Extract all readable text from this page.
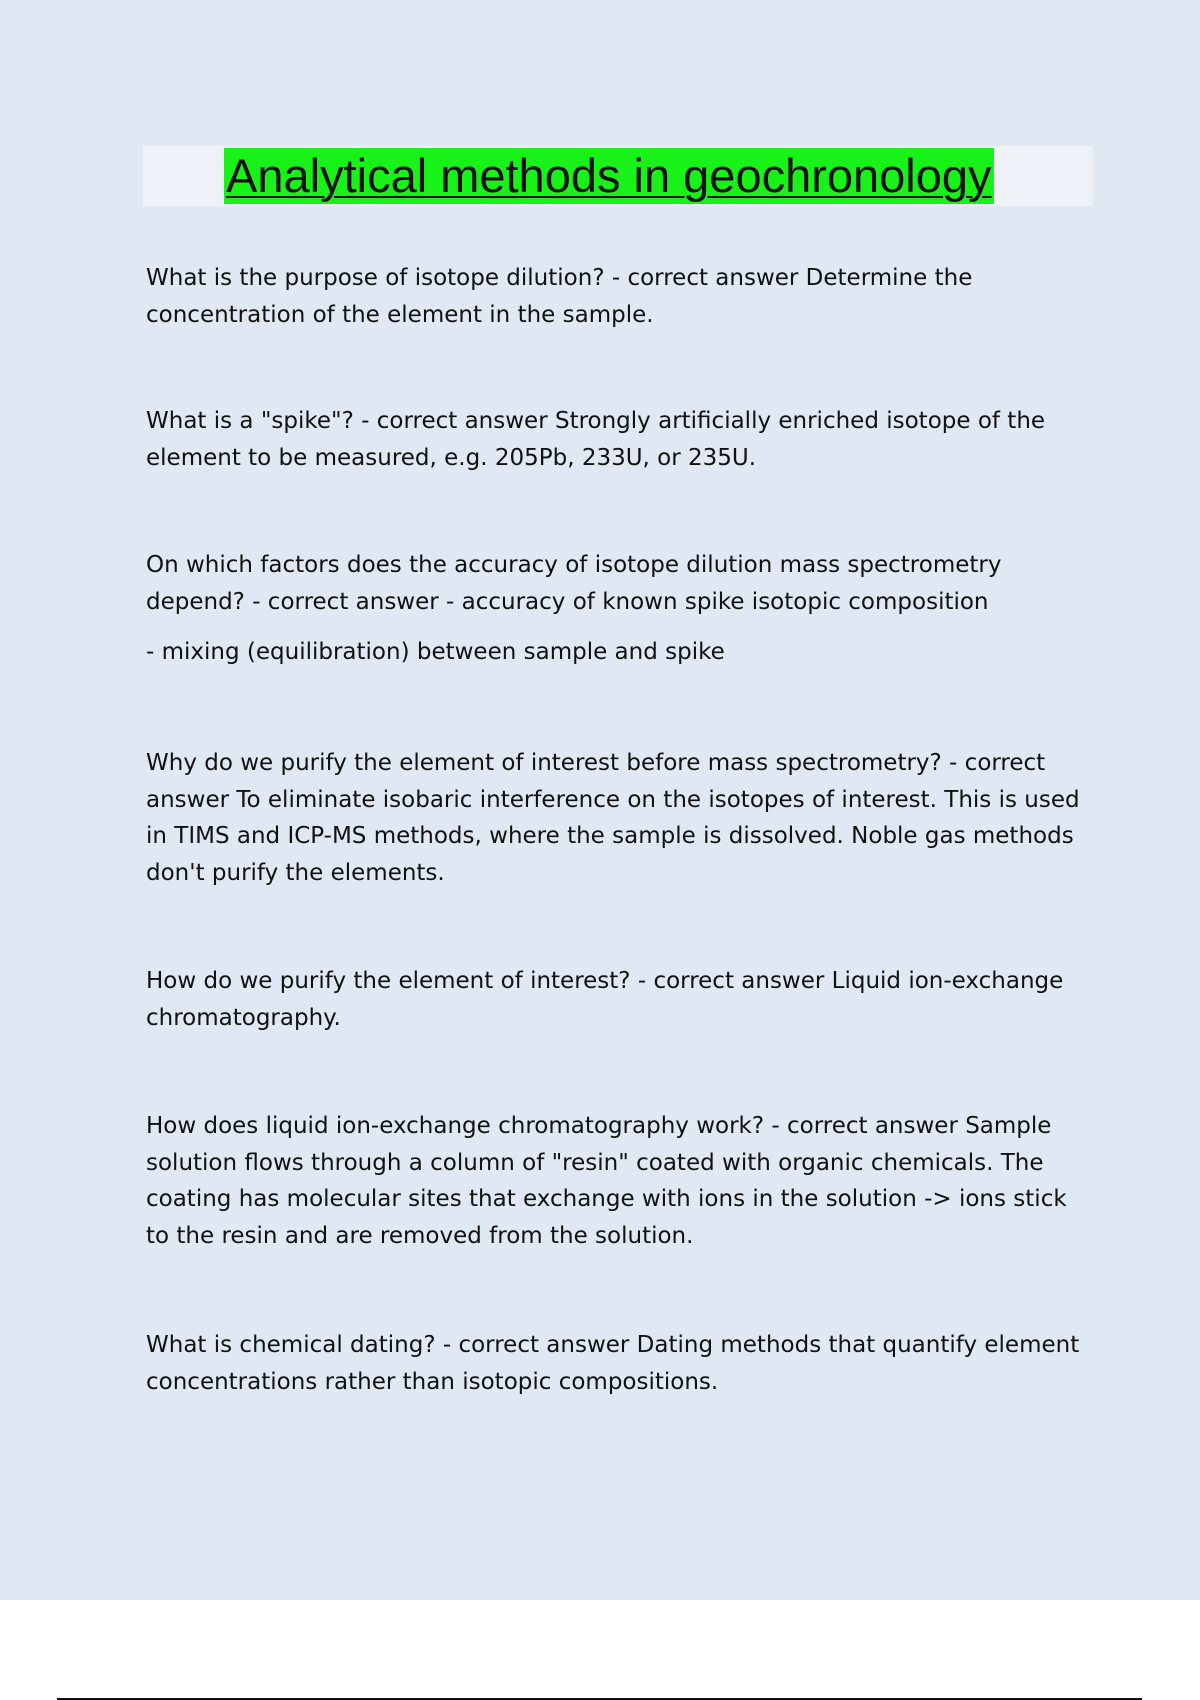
Analytical methods in geochronology

What is the purpose of isotope dilution? - correct answer Determine the concentration of the element in the sample.

What is a "spike"? - correct answer Strongly artificially enriched isotope of the element to be measured, e.g. 205Pb, 233U, or 235U.

On which factors does the accuracy of isotope dilution mass spectrometry depend? - correct answer - accuracy of known spike isotopic composition

- mixing (equilibration) between sample and spike

Why do we purify the element of interest before mass spectrometry? - correct answer To eliminate isobaric interference on the isotopes of interest. This is used in TIMS and ICP-MS methods, where the sample is dissolved. Noble gas methods don't purify the elements.

How do we purify the element of interest? - correct answer Liquid ion-exchange chromatography.

How does liquid ion-exchange chromatography work? - correct answer Sample solution flows through a column of "resin" coated with organic chemicals. The coating has molecular sites that exchange with ions in the solution -> ions stick to the resin and are removed from the solution.

What is chemical dating? - correct answer Dating methods that quantify element concentrations rather than isotopic compositions.
